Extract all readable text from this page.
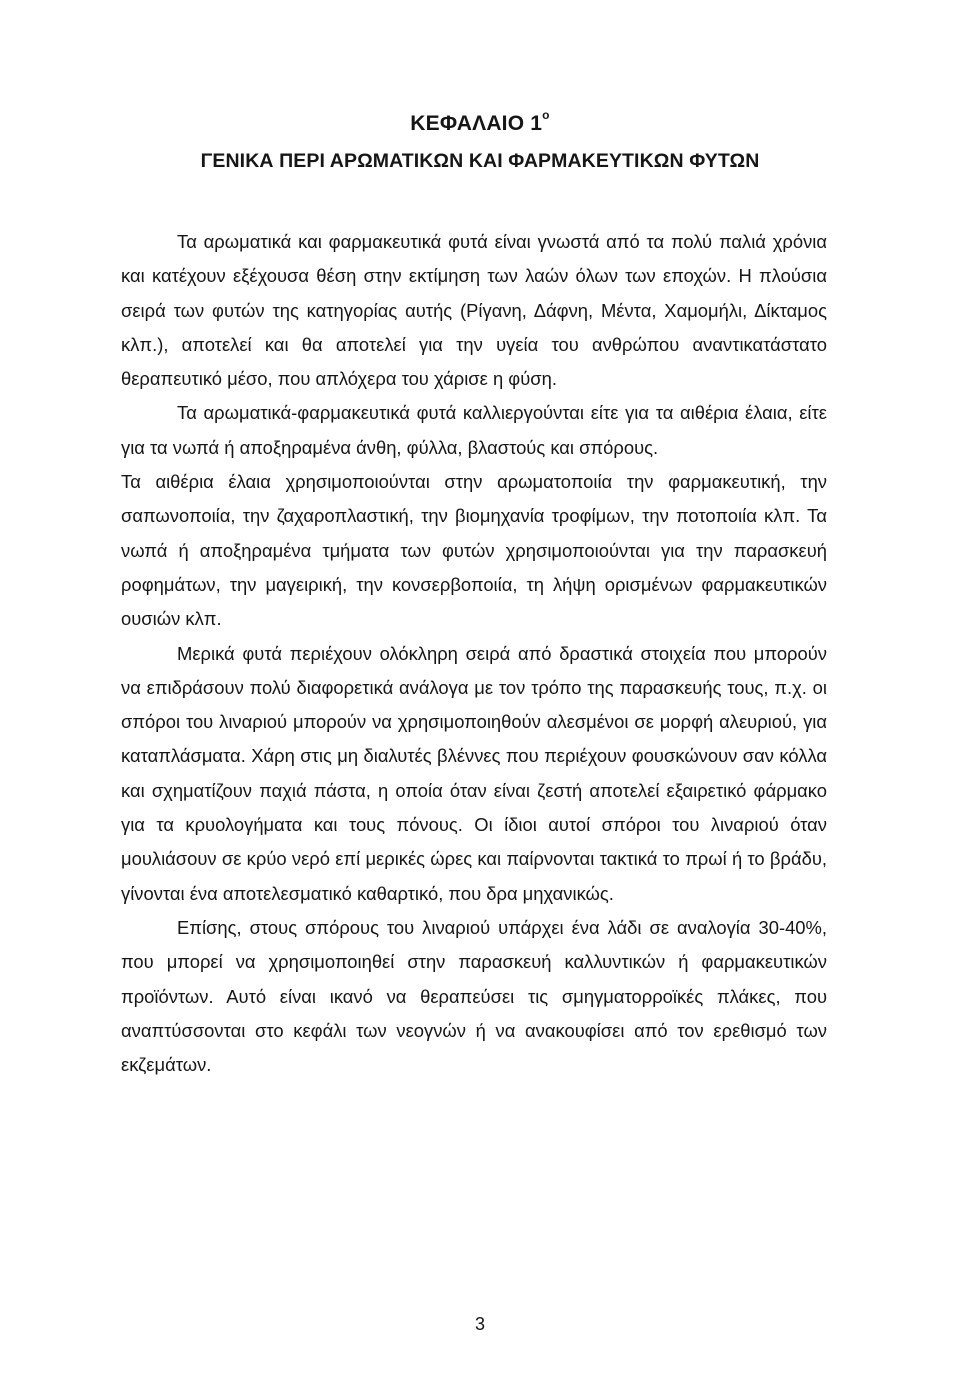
ΚΕΦΑΛΑΙΟ $1^o$
ΓΕΝΙΚΑ ΠΕΡΙ ΑΡΩΜΑΤΙΚΩΝ ΚΑΙ ΦΑΡΜΑΚΕΥΤΙΚΩΝ ΦΥΤΩΝ

Τα αρωματικά και φαρμακευτικά φυτά είναι γνωστά από τα πολύ παλιά χρόνια και κατέχουν εξέχουσα θέση στην εκτίμηση των λαών όλων των εποχών. Η πλούσια σειρά των φυτών της κατηγορίας αυτής (Ρίγανη, Δάφνη, Μέντα, Χαμομήλι, Δίκταμος κλπ.), αποτελεί και θα αποτελεί για την υγεία του ανθρώπου αναντικατάστατο θεραπευτικό μέσο, που απλόχερα του χάρισε η φύση.

Τα αρωματικά-φαρμακευτικά φυτά καλλιεργούνται είτε για τα αιθέρια έλαια, είτε για τα νωπά ή αποξηραμένα άνθη, φύλλα, βλαστούς και σπόρους.

Τα αιθέρια έλαια χρησιμοποιούνται στην αρωματοποιία την φαρμακευτική, την σαπωνοποιία, την ζαχαροπλαστική, την βιομηχανία τροφίμων, την ποτοποιία κλπ. Τα νωπά ή αποξηραμένα τμήματα των φυτών χρησιμοποιούνται για την παρασκευή ροφημάτων, την μαγειρική, την κονσερβοποιία, τη λήψη ορισμένων φαρμακευτικών ουσιών κλπ.

Μερικά φυτά περιέχουν ολόκληρη σειρά από δραστικά στοιχεία που μπορούν να επιδράσουν πολύ διαφορετικά ανάλογα με τον τρόπο της παρασκευής τους, π.χ. οι σπόροι του λιναριού μπορούν να χρησιμοποιηθούν αλεσμένοι σε μορφή αλευριού, για καταπλάσματα. Χάρη στις μη διαλυτές βλέννες που περιέχουν φουσκώνουν σαν κόλλα και σχηματίζουν παχιά πάστα, η οποία όταν είναι ζεστή αποτελεί εξαιρετικό φάρμακο για τα κρυολογήματα και τους πόνους. Οι ίδιοι αυτοί σπόροι του λιναριού όταν μουλιάσουν σε κρύο νερό επί μερικές ώρες και παίρνονται τακτικά το πρωί ή το βράδυ, γίνονται ένα αποτελεσματικό καθαρτικό, που δρα μηχανικώς.

Επίσης, στους σπόρους του λιναριού υπάρχει ένα λάδι σε αναλογία 30-40%, που μπορεί να χρησιμοποιηθεί στην παρασκευή καλλυντικών ή φαρμακευτικών προϊόντων. Αυτό είναι ικανό να θεραπεύσει τις σμηγματορροϊκές πλάκες, που αναπτύσσονται στο κεφάλι των νεογνών ή να ανακουφίσει από τον ερεθισμό των εκζεμάτων.

3
